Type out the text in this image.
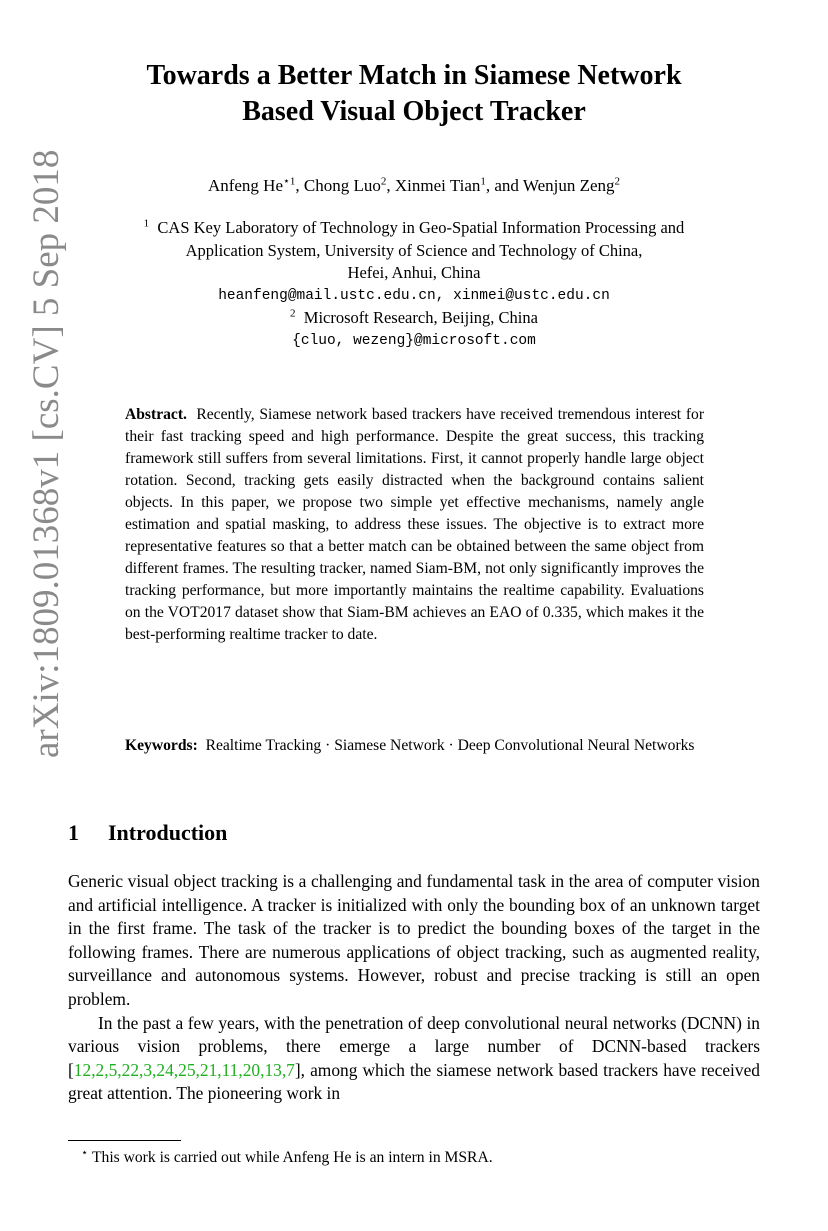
arXiv:1809.01368v1 [cs.CV] 5 Sep 2018
Towards a Better Match in Siamese Network
Based Visual Object Tracker
Anfeng $He^{⋆1}$, Chong Luo$^2$, Xinmei Tian$^1$, and Wenjun Zeng$^2$
$^1$ CAS Key Laboratory of Technology in Geo-Spatial Information Processing and
Application System, University of Science and Technology of China,
Hefei, Anhui, China
heanfeng@mail.ustc.edu.cn, xinmei@ustc.edu.cn
$^2$ Microsoft Research, Beijing, China
{cluo, wezeng}@microsoft.com
Abstract. Recently, Siamese network based trackers have received tremendous interest for their fast tracking speed and high performance. Despite the great success, this tracking framework still suffers from several limitations. First, it cannot properly handle large object rotation. Second, tracking gets easily distracted when the background contains salient objects. In this paper, we propose two simple yet effective mechanisms, namely angle estimation and spatial masking, to address these issues. The objective is to extract more representative features so that a better match can be obtained between the same object from different frames. The resulting tracker, named Siam-BM, not only significantly improves the tracking performance, but more importantly maintains the realtime capability. Evaluations on the VOT2017 dataset show that Siam-BM achieves an EAO of 0.335, which makes it the best-performing realtime tracker to date.
Keywords: Realtime Tracking · Siamese Network · Deep Convolutional Neural Networks
1 Introduction

Generic visual object tracking is a challenging and fundamental task in the area of computer vision and artificial intelligence. A tracker is initialized with only the bounding box of an unknown target in the first frame. The task of the tracker is to predict the bounding boxes of the target in the following frames. There are numerous applications of object tracking, such as augmented reality, surveillance and autonomous systems. However, robust and precise tracking is still an open problem.

In the past a few years, with the penetration of deep convolutional neural networks (DCNN) in various vision problems, there emerge a large number of DCNN-based trackers [12,2,5,22,3,24,25,21,11,20,13,7], among which the siamese network based trackers have received great attention. The pioneering work in

⋆ This work is carried out while Anfeng He is an intern in MSRA.
